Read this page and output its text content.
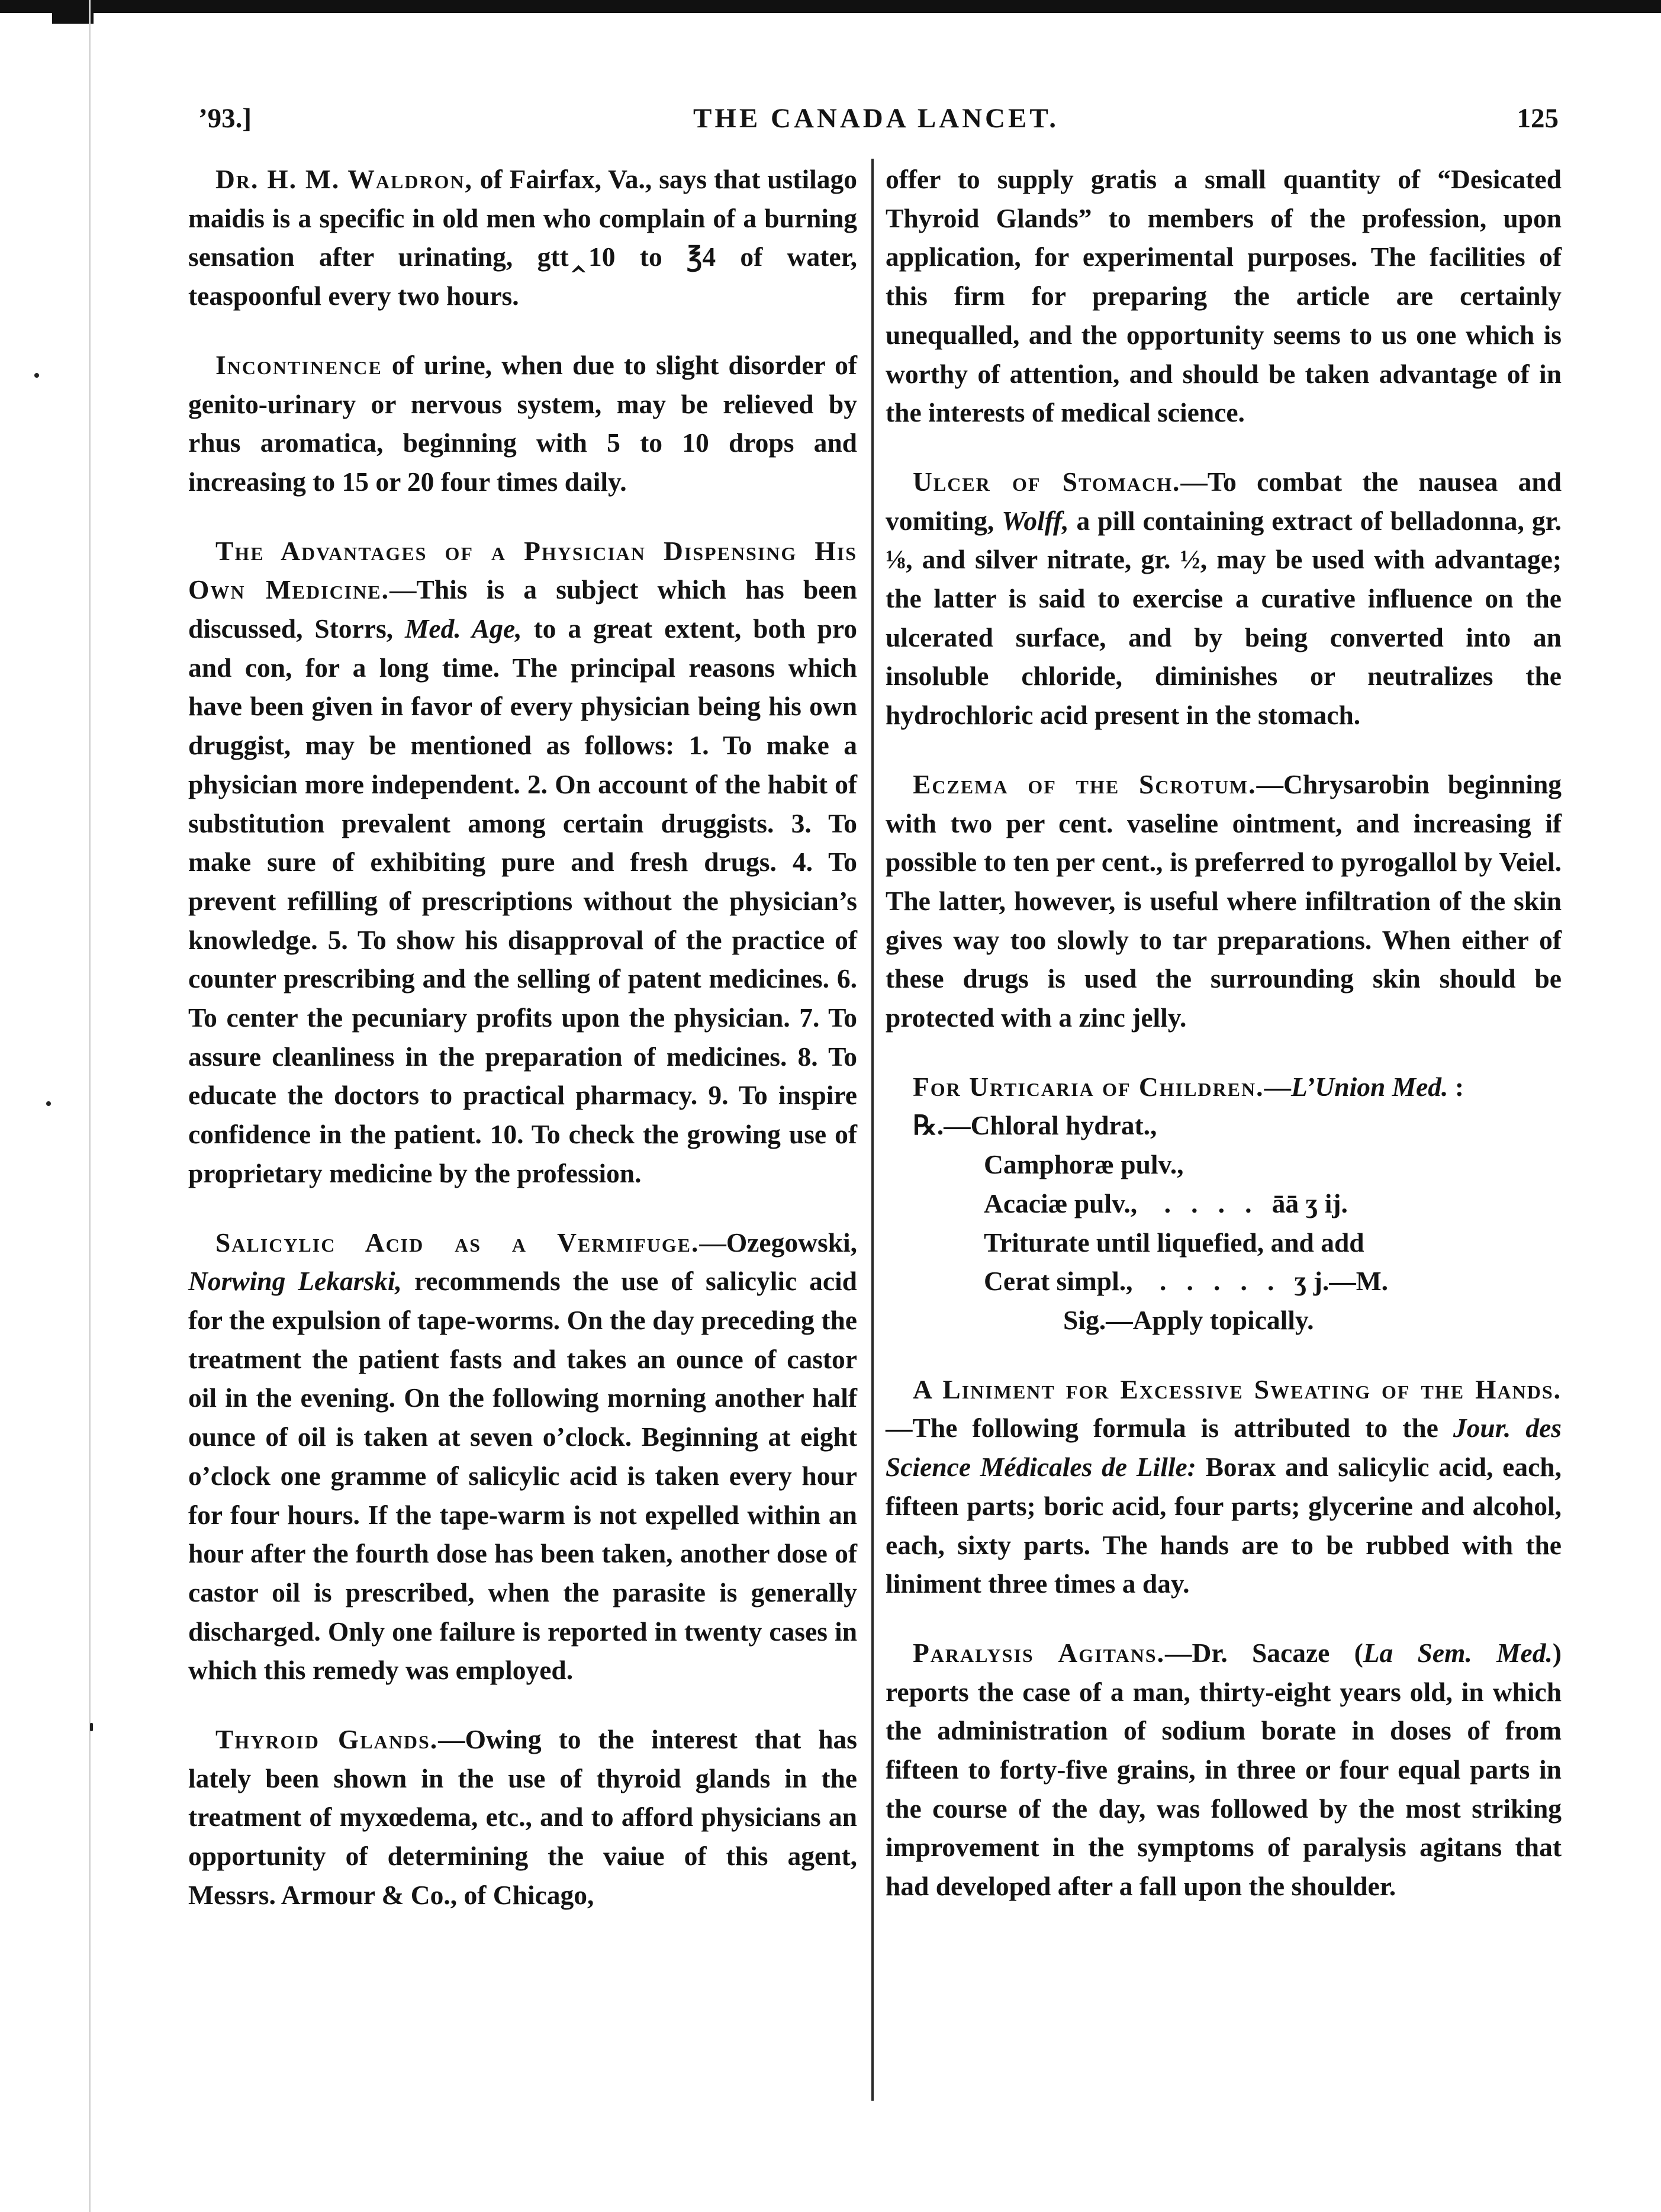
’93.]	THE CANADA LANCET.	125

Dr. H. M. Waldron, of Fairfax, Va., says that ustilago maidis is a specific in old men who complain of a burning sensation after urinating, gtt‸10 to ℥4 of water, teaspoonful every two hours.

Incontinence of urine, when due to slight disorder of genito-urinary or nervous system, may be relieved by rhus aromatica, beginning with 5 to 10 drops and increasing to 15 or 20 four times daily.

The Advantages of a Physician Dispensing His Own Medicine.—This is a subject which has been discussed, Storrs, Med. Age, to a great extent, both pro and con, for a long time. The principal reasons which have been given in favor of every physician being his own druggist, may be mentioned as follows: 1. To make a physician more independent. 2. On account of the habit of substitution prevalent among certain druggists. 3. To make sure of exhibiting pure and fresh drugs. 4. To prevent refilling of prescriptions without the physician’s knowledge. 5. To show his disapproval of the practice of counter prescribing and the selling of patent medicines. 6. To center the pecuniary profits upon the physician. 7. To assure cleanliness in the preparation of medicines. 8. To educate the doctors to practical pharmacy. 9. To inspire confidence in the patient. 10. To check the growing use of proprietary medicine by the profession.

Salicylic Acid as a Vermifuge.—Ozegowski, Norwing Lekarski, recommends the use of salicylic acid for the expulsion of tape-worms. On the day preceding the treatment the patient fasts and takes an ounce of castor oil in the evening. On the following morning another half ounce of oil is taken at seven o’clock. Beginning at eight o’clock one gramme of salicylic acid is taken every hour for four hours. If the tape-warm is not expelled within an hour after the fourth dose has been taken, another dose of castor oil is prescribed, when the parasite is generally discharged. Only one failure is reported in twenty cases in which this remedy was employed.

Thyroid Glands.—Owing to the interest that has lately been shown in the use of thyroid glands in the treatment of myxœdema, etc., and to afford physicians an opportunity of determining the vaiue of this agent, Messrs. Armour & Co., of Chicago,

offer to supply gratis a small quantity of “Desicated Thyroid Glands” to members of the profession, upon application, for experimental purposes. The facilities of this firm for preparing the article are certainly unequalled, and the opportunity seems to us one which is worthy of attention, and should be taken advantage of in the interests of medical science.

Ulcer of Stomach.—To combat the nausea and vomiting, Wolff, a pill containing extract of belladonna, gr. ⅛, and silver nitrate, gr. ½, may be used with advantage; the latter is said to exercise a curative influence on the ulcerated surface, and by being converted into an insoluble chloride, diminishes or neutralizes the hydrochloric acid present in the stomach.

Eczema of the Scrotum.—Chrysarobin beginning with two per cent. vaseline ointment, and increasing if possible to ten per cent., is preferred to pyrogallol by Veiel. The latter, however, is useful where infiltration of the skin gives way too slowly to tar preparations. When either of these drugs is used the surrounding skin should be protected with a zinc jelly.

For Urticaria of Children.—L’Union Med. :
℞.—Chloral hydrat.,
Camphoræ pulv.,
Acaciæ pulv.,    .   .   .   .   āā ʒ ij.
Triturate until liquefied, and add
Cerat simpl.,    .   .   .   .   .   ʒ j.—M.
Sig.—Apply topically.

A Liniment for Excessive Sweating of the Hands.—The following formula is attributed to the Jour. des Science Médicales de Lille: Borax and salicylic acid, each, fifteen parts; boric acid, four parts; glycerine and alcohol, each, sixty parts. The hands are to be rubbed with the liniment three times a day.

Paralysis Agitans.—Dr. Sacaze (La Sem. Med.) reports the case of a man, thirty-eight years old, in which the administration of sodium borate in doses of from fifteen to forty-five grains, in three or four equal parts in the course of the day, was followed by the most striking improvement in the symptoms of paralysis agitans that had developed after a fall upon the shoulder.
